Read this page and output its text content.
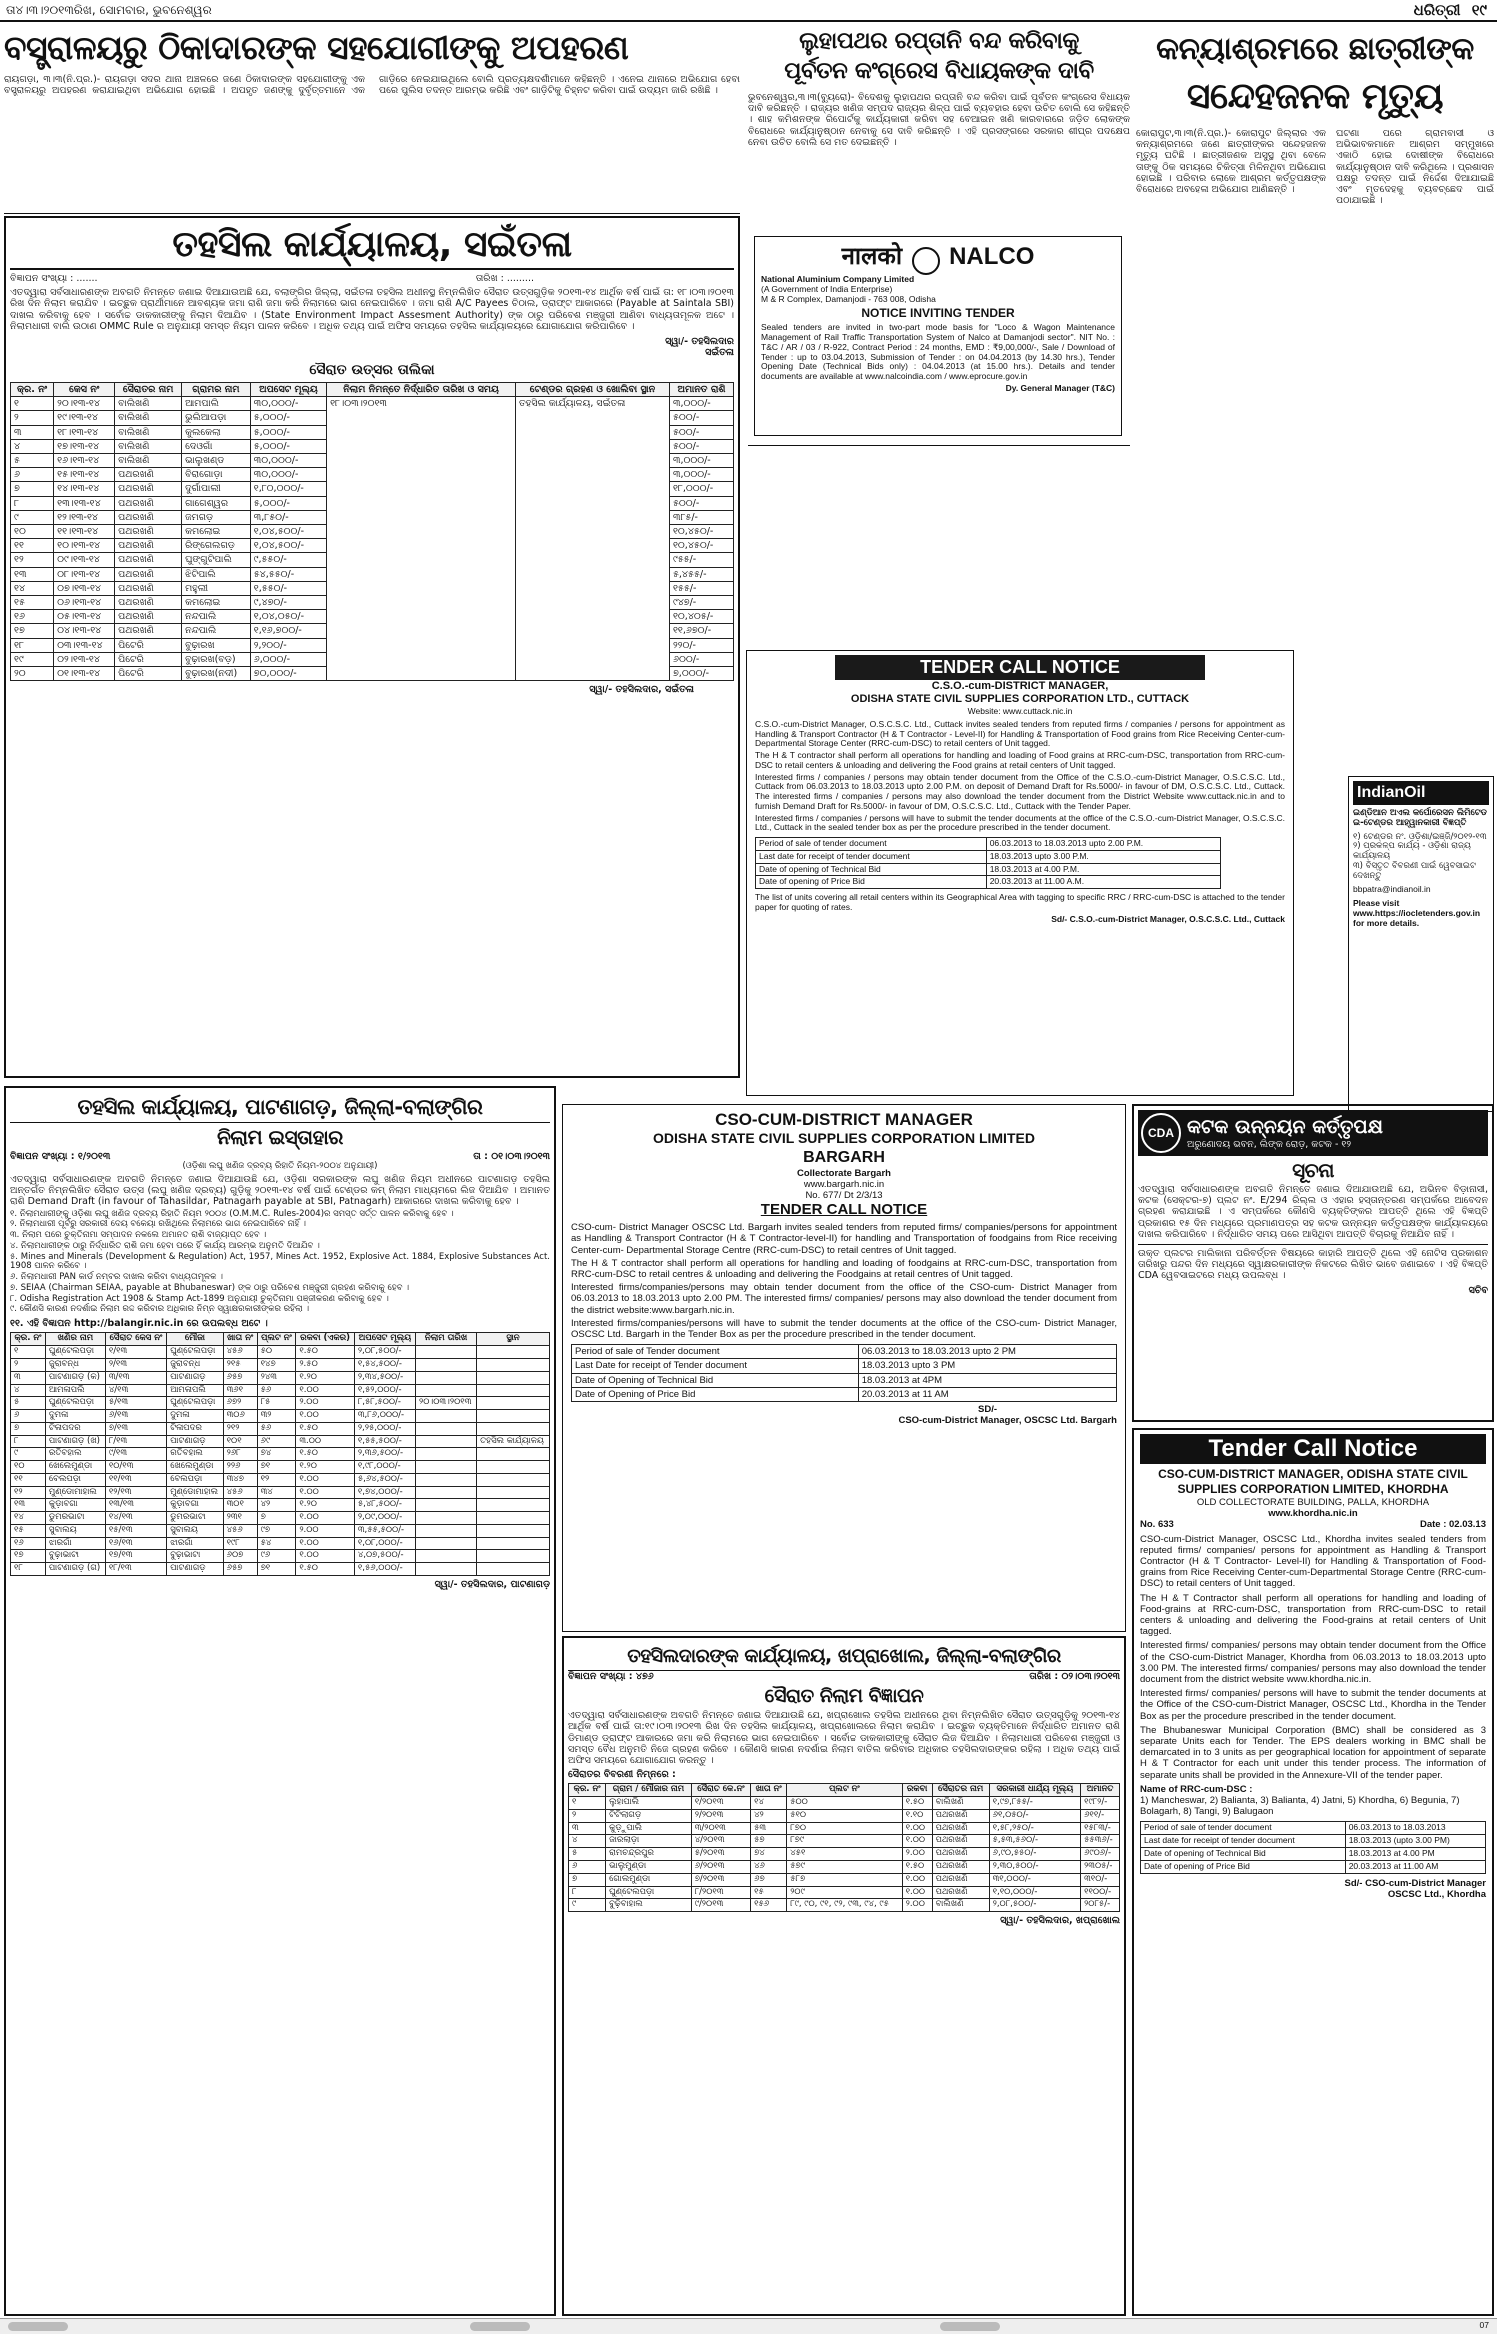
ତା୪।୩।୨୦୧୩ରିଖ, ସୋମବାର, ଭୁବନେଶ୍ୱର	ଧରିତ୍ରୀ ୧୯
ବସ୍ତ୍ରାଳୟରୁ ଠିକାଦାରଙ୍କ ସହଯୋଗୀଙ୍କୁ ଅପହରଣ
ରାୟଗଡ଼ା, ୩।୩(ନି.ପ୍ର.)- ରାୟଗଡ଼ା ସଦର ଥାନା ଅଞ୍ଚଳରେ ଜଣେ ଠିକାଦାରଙ୍କ ସହଯୋଗୀଙ୍କୁ ଏକ ବସ୍ତ୍ରାଳୟରୁ ଅପହରଣ କରାଯାଇଥିବା ଅଭିଯୋଗ ହୋଇଛି । ଅପହୃତ ଜଣଙ୍କୁ ଦୁର୍ବୃତ୍ତମାନେ ଏକ ଗାଡ଼ିରେ ନେଇଯାଇଥିଲେ ବୋଲି ପ୍ରତ୍ୟକ୍ଷଦର୍ଶୀମାନେ କହିଛନ୍ତି । ଏନେଇ ଥାନାରେ ଅଭିଯୋଗ ହେବା ପରେ ପୁଲିସ ତଦନ୍ତ ଆରମ୍ଭ କରିଛି ଏବଂ ଗାଡ଼ିଟିକୁ ଚିହ୍ନଟ କରିବା ପାଇଁ ଉଦ୍ୟମ ଜାରି ରଖିଛି ।
ଲୁହାପଥର ରପ୍ତାନି ବନ୍ଦ କରିବାକୁ
ପୂର୍ବତନ କଂଗ୍ରେସ ବିଧାୟକଙ୍କ ଦାବି
ଭୁବନେଶ୍ୱର,୩।୩(ବ୍ୟୁରୋ)- ବିଦେଶକୁ ଲୁହାପଥର ରପ୍ତାନି ବନ୍ଦ କରିବା ପାଇଁ ପୂର୍ବତନ କଂଗ୍ରେସ ବିଧାୟକ ଦାବି କରିଛନ୍ତି । ରାଜ୍ୟର ଖଣିଜ ସମ୍ପଦ ରାଜ୍ୟର ଶିଳ୍ପ ପାଇଁ ବ୍ୟବହାର ହେବା ଉଚିତ ବୋଲି ସେ କହିଛନ୍ତି । ଶାହ କମିଶନଙ୍କ ରିପୋର୍ଟକୁ କାର୍ଯ୍ୟକାରୀ କରିବା ସହ ବେଆଇନ ଖଣି କାରବାରରେ ଜଡ଼ିତ ଲୋକଙ୍କ ବିରୋଧରେ କାର୍ଯ୍ୟାନୁଷ୍ଠାନ ନେବାକୁ ସେ ଦାବି କରିଛନ୍ତି । ଏହି ପ୍ରସଙ୍ଗରେ ସରକାର ଶୀଘ୍ର ପଦକ୍ଷେପ ନେବା ଉଚିତ ବୋଲି ସେ ମତ ଦେଇଛନ୍ତି ।
नालको NALCO
National Aluminium Company Limited
(A Government of India Enterprise)
M & R Complex, Damanjodi - 763 008, Odisha
NOTICE INVITING TENDER
Sealed tenders are invited in two-part mode basis for "Loco & Wagon Maintenance Management of Rail Traffic Transportation System of Nalco at Damanjodi sector". NIT No. : T&C / AR / 03 / R-922, Contract Period : 24 months, EMD : ₹9,00,000/-, Sale / Download of Tender : up to 03.04.2013, Submission of Tender : on 04.04.2013 (by 14.30 hrs.), Tender Opening Date (Technical Bids only) : 04.04.2013 (at 15.00 hrs.). Details and tender documents are available at www.nalcoindia.com / www.eprocure.gov.in
Dy. General Manager (T&C)
କନ୍ୟାଶ୍ରମରେ ଛାତ୍ରୀଙ୍କ
ସନ୍ଦେହଜନକ ମୃତ୍ୟୁ
କୋରାପୁଟ,୩।୩(ନି.ପ୍ର.)- କୋରାପୁଟ ଜିଲ୍ଲାର ଏକ କନ୍ୟାଶ୍ରମରେ ଜଣେ ଛାତ୍ରୀଙ୍କର ସନ୍ଦେହଜନକ ମୃତ୍ୟୁ ଘଟିଛି । ଛାତ୍ରୀଜଣକ ଅସୁସ୍ଥ ଥିବା ବେଳେ ତାଙ୍କୁ ଠିକ ସମୟରେ ଚିକିତ୍ସା ମିଳିନଥିବା ଅଭିଯୋଗ ହୋଇଛି । ପରିବାର ଲୋକେ ଆଶ୍ରମ କର୍ତ୍ତୃପକ୍ଷଙ୍କ ବିରୋଧରେ ଅବହେଳା ଅଭିଯୋଗ ଆଣିଛନ୍ତି ।
ଘଟଣା ପରେ ଗ୍ରାମବାସୀ ଓ ଅଭିଭାବକମାନେ ଆଶ୍ରମ ସମ୍ମୁଖରେ ଏକାଠି ହୋଇ ଦୋଷୀଙ୍କ ବିରୋଧରେ କାର୍ଯ୍ୟାନୁଷ୍ଠାନ ଦାବି କରିଥିଲେ । ପ୍ରଶାସନ ପକ୍ଷରୁ ତଦନ୍ତ ପାଇଁ ନିର୍ଦ୍ଦେଶ ଦିଆଯାଇଛି ଏବଂ ମୃତଦେହକୁ ବ୍ୟବଚ୍ଛେଦ ପାଇଁ ପଠାଯାଇଛି ।
IndianOil
ଇଣ୍ଡିଆନ ଅଏଲ କର୍ପୋରେସନ ଲିମିଟେଡ
ଇ-ଟେଣ୍ଡର ଆହ୍ୱାନକାରୀ ବିଜ୍ଞପ୍ତି
୧) ଟେଣ୍ଡର ନଂ. ଓଡ଼ିଶା/ଇଞ୍ଜି/୨୦୧୨-୧୩
୨) ପ୍ରକଳ୍ପ କାର୍ଯ୍ୟ - ଓଡ଼ିଶା ରାଜ୍ୟ କାର୍ଯ୍ୟାଳୟ
୩) ବିସ୍ତୃତ ବିବରଣୀ ପାଇଁ ୱେବସାଇଟ ଦେଖନ୍ତୁ
bbpatra@indianoil.in
Please visit www.https://iocletenders.gov.in for more details.
ତହସିଲ କାର୍ଯ୍ୟାଳୟ, ସଇଁତଳା
ବିଜ୍ଞାପନ ସଂଖ୍ୟା : .......	ତାରିଖ : .........
ଏତଦ୍ୱାରା ସର୍ବସାଧାରଣଙ୍କ ଅବଗତି ନିମନ୍ତେ ଜଣାଇ ଦିଆଯାଉଅଛି ଯେ, ବଲାଙ୍ଗିର ଜିଲ୍ଲା, ସଇଁତଳା ତହସିଲ ଅଧୀନସ୍ଥ ନିମ୍ନଲିଖିତ ସୈରାତ ଉତ୍ସଗୁଡ଼ିକ ୨୦୧୩-୧୪ ଆର୍ଥିକ ବର୍ଷ ପାଇଁ ତା: ୧୮।୦୩।୨୦୧୩ ରିଖ ଦିନ ନିଲାମ କରାଯିବ । ଇଚ୍ଛୁକ ପ୍ରାର୍ଥୀମାନେ ଆବଶ୍ୟକ ଜମା ରାଶି ଜମା କରି ନିଲାମରେ ଭାଗ ନେଇପାରିବେ । ଜମା ରାଶି A/C Payees ଚିଠାଲ, ଡ୍ରାଫ୍ଟ ଆକାରରେ (Payable at Saintala SBI) ଦାଖଲ କରିବାକୁ ହେବ । ସର୍ବୋଚ୍ଚ ଡାକକାରୀଙ୍କୁ ନିଲାମ ଦିଆଯିବ । (State Environment Impact Assesment Authority) ଙ୍କ ଠାରୁ ପରିବେଶ ମଞ୍ଜୁରୀ ଆଣିବା ବାଧ୍ୟତାମୂଳକ ଅଟେ । ନିଲାମଧାରୀ ବାଲି ଉଠାଣ OMMC Rule ର ଅନୁଯାୟୀ ସମସ୍ତ ନିୟମ ପାଳନ କରିବେ । ଅଧିକ ତଥ୍ୟ ପାଇଁ ଅଫିସ ସମୟରେ ତହସିଲ କାର୍ଯ୍ୟାଳୟରେ ଯୋଗାଯୋଗ କରିପାରିବେ ।
ସ୍ୱା/- ତହସିଲଦାର
ସଇଁତଳା
ସୈରାତ ଉତ୍ସର ତାଲିକା
କ୍ର. ନଂ	କେସ ନଂ	ସୈରାତର ନାମ	ଗ୍ରାମର ନାମ	ଅପସେଟ ମୂଲ୍ୟ	ନିଲାମ ନିମନ୍ତେ ନିର୍ଦ୍ଧାରିତ ତାରିଖ ଓ ସମୟ	ଟେଣ୍ଡର ଗ୍ରହଣ ଓ ଖୋଲିବା ସ୍ଥାନ	ଅମାନତ ରାଶି
୧	୨୦।୧୩-୧୪	ବାଲିଖଣି	ଆମପାଲି	୩୦,୦୦୦/-	୧୮।୦୩।୨୦୧୩	ତହସିଲ କାର୍ଯ୍ୟାଳୟ, ସଇଁତଳା	୩,୦୦୦/-
୨	୧୯।୧୩-୧୪	ବାଲିଖଣି	ଭୁଲିଆପଡ଼ା	୫,୦୦୦/-			୫୦୦/-
୩	୧୮।୧୩-୧୪	ବାଲିଖଣି	କୁଲକେଲା	୫,୦୦୦/-			୫୦୦/-
୪	୧୭।୧୩-୧୪	ବାଲିଖଣି	ଦେଓଗାଁ	୫,୦୦୦/-			୫୦୦/-
୫	୧୬।୧୩-୧୪	ବାଲିଖଣି	ଭାଲୁଖଣ୍ଡ	୩୦,୦୦୦/-			୩,୦୦୦/-
୬	୧୫।୧୩-୧୪	ପଥରଖଣି	ବିରାଗୋଡ଼ା	୩୦,୦୦୦/-			୩,୦୦୦/-
୭	୧୪।୧୩-୧୪	ପଥରଖଣି	ଦୁର୍ଗାପାଲୀ	୧,୮୦,୦୦୦/-			୧୮,୦୦୦/-
୮	୧୩।୧୩-୧୪	ପଥରଖଣି	ଗାଗେଶ୍ୱର	୫,୦୦୦/-			୫୦୦/-
୯	୧୨।୧୩-୧୪	ପଥରଖଣି	ଜମଗଡ଼	୩,୮୫୦/-			୩୮୫/-
୧୦	୧୧।୧୩-୧୪	ପଥରଖଣି	କମଲୋଇ	୧,୦୪,୫୦୦/-			୧୦,୪୫୦/-
୧୧	୧୦।୧୩-୧୪	ପଥରଖଣି	ରିଙ୍ଗେଲଗଡ଼	୧,୦୪,୫୦୦/-			୧୦,୪୫୦/-
୧୨	୦୯।୧୩-୧୪	ପଥରଖଣି	ଘୁଙ୍ଗୁଟିପାଲି	୯,୫୫୦/-			୯୫୫/-
୧୩	୦୮।୧୩-୧୪	ପଥରଖଣି	ଝିଟିପାଲି	୫୪,୫୫୦/-			୫,୪୫୫/-
୧୪	୦୭।୧୩-୧୪	ପଥରଖଣି	ମହୁଲୀ	୧,୫୫୦/-			୧୫୫/-
୧୫	୦୬।୧୩-୧୪	ପଥରଖଣି	କମଲୋଇ	୯,୪୭୦/-			୯୪୭/-
୧୬	୦୫।୧୩-୧୪	ପଥରଖଣି	ନନ୍ଦପାଲି	୧,୦୪,୦୫୦/-			୧୦,୪୦୫/-
୧୭	୦୪।୧୩-୧୪	ପଥରଖଣି	ନନ୍ଦପାଲି	୧,୧୬,୭୦୦/-			୧୧,୬୭୦/-
୧୮	୦୩।୧୩-୧୪	ପିଟେରି	ବୁଢ଼ାରଖ	୨,୨୦୦/-			୨୨୦/-
୧୯	୦୨।୧୩-୧୪	ପିଟେରି	ବୁଢ଼ାରଖ(ବଡ଼)	୬,୦୦୦/-			୬୦୦/-
୨୦	୦୧।୧୩-୧୪	ପିଟେରି	ବୁଢ଼ାରଖ(ନଦୀ)	୭୦,୦୦୦/-			୭,୦୦୦/-
ସ୍ୱା/- ତହସିଲଦାର, ସଇଁତଳା
TENDER CALL NOTICE
C.S.O.-cum-DISTRICT MANAGER,
ODISHA STATE CIVIL SUPPLIES CORPORATION LTD., CUTTACK
Website: www.cuttack.nic.in
C.S.O.-cum-District Manager, O.S.C.S.C. Ltd., Cuttack invites sealed tenders from reputed firms / companies / persons for appointment as Handling & Transport Contractor (H & T Contractor - Level-II) for Handling & Transportation of Food grains from Rice Receiving Center-cum-Departmental Storage Center (RRC-cum-DSC) to retail centers of Unit tagged.
The H & T contractor shall perform all operations for handling and loading of Food grains at RRC-cum-DSC, transportation from RRC-cum-DSC to retail centers & unloading and delivering the Food grains at retail centers of Unit tagged.
Interested firms / companies / persons may obtain tender document from the Office of the C.S.O.-cum-District Manager, O.S.C.S.C. Ltd., Cuttack from 06.03.2013 to 18.03.2013 upto 2.00 P.M. on deposit of Demand Draft for Rs.5000/- in favour of DM, O.S.C.S.C. Ltd., Cuttack. The interested firms / companies / persons may also download the tender document from the District Website www.cuttack.nic.in and to furnish Demand Draft for Rs.5000/- in favour of DM, O.S.C.S.C. Ltd., Cuttack with the Tender Paper.
Interested firms / companies / persons will have to submit the tender documents at the office of the C.S.O.-cum-District Manager, O.S.C.S.C. Ltd., Cuttack in the sealed tender box as per the procedure prescribed in the tender document.
Period of sale of tender document	06.03.2013 to 18.03.2013 upto 2.00 P.M.
Last date for receipt of tender document	18.03.2013 upto 3.00 P.M.
Date of opening of Technical Bid	18.03.2013 at 4.00 P.M.
Date of opening of Price Bid	20.03.2013 at 11.00 A.M.
The list of units covering all retail centers within its Geographical Area with tagging to specific RRC / RRC-cum-DSC is attached to the tender paper for quoting of rates.
Sd/- C.S.O.-cum-District Manager, O.S.C.S.C. Ltd., Cuttack
ତହସିଲ କାର୍ଯ୍ୟାଳୟ, ପାଟଣାଗଡ଼, ଜିଲ୍ଲା-ବଲାଙ୍ଗିର
ନିଲାମ ଇସ୍ତାହାର
ବିଜ୍ଞାପନ ସଂଖ୍ୟା : ୧/୨୦୧୩	ତା : ୦୧।୦୩।୨୦୧୩
(ଓଡ଼ିଶା ଲଘୁ ଖଣିଜ ଦ୍ରବ୍ୟ ରିହାତି ନିୟମ-୨୦୦୪ ଅନୁଯାୟୀ)
ଏତଦ୍ୱାରା ସର୍ବସାଧାରଣଙ୍କ ଅବଗତି ନିମନ୍ତେ ଜଣାଇ ଦିଆଯାଉଛି ଯେ, ଓଡ଼ିଶା ସରକାରଙ୍କ ଲଘୁ ଖଣିଜ ନିୟମ ଅଧୀନରେ ପାଟଣାଗଡ଼ ତହସିଲ ଅନ୍ତର୍ଗତ ନିମ୍ନଲିଖିତ ସୈରାତ ଉତ୍ସ (ଲଘୁ ଖଣିଜ ଦ୍ରବ୍ୟ) ଗୁଡ଼ିକୁ ୨୦୧୩-୧୪ ବର୍ଷ ପାଇଁ ଟେଣ୍ଡର କମ୍ ନିଲାମ ମାଧ୍ୟମରେ ଲିଜ ଦିଆଯିବ । ଅମାନତ ରାଶି Demand Draft (in favour of Tahasildar, Patnagarh payable at SBI, Patnagarh) ଆକାରରେ ଦାଖଲ କରିବାକୁ ହେବ ।
୧. ନିଲାମଧାରୀଙ୍କୁ ଓଡ଼ିଶା ଲଘୁ ଖଣିଜ ଦ୍ରବ୍ୟ ରିହାତି ନିୟମ ୨୦୦୪ (O.M.M.C. Rules-2004)ର ସମସ୍ତ ସର୍ତ୍ତ ପାଳନ କରିବାକୁ ହେବ ।
୨. ନିଲାମଧାରୀ ପୂର୍ବରୁ ସରକାରୀ ଦେୟ ବକେୟା ରଖିଥିଲେ ନିଲାମରେ ଭାଗ ନେଇପାରିବେ ନାହିଁ ।
୩. ନିଲାମ ପରେ ଚୁକ୍ତିନାମା ସମ୍ପାଦନ ନକଲେ ଅମାନତ ରାଶି ବାଜ୍ୟାପ୍ତ ହେବ ।
୪. ନିଲାମଧାରୀଙ୍କ ଠାରୁ ନିର୍ଦ୍ଧାରିତ ରାଶି ଜମା ହେବା ପରେ ହିଁ କାର୍ଯ୍ୟ ଆରମ୍ଭ ଅନୁମତି ଦିଆଯିବ ।
୫. Mines and Minerals (Development & Regulation) Act, 1957, Mines Act. 1952, Explosive Act. 1884, Explosive Substances Act. 1908 ପାଳନ କରିବେ ।
୬. ନିଲାମଧାରୀ PAN କାର୍ଡ ନମ୍ବର ଦାଖଲ କରିବା ବାଧ୍ୟତାମୂଳକ ।
୭. SEIAA (Chairman SEIAA, payable at Bhubaneswar) ଙ୍କ ଠାରୁ ପରିବେଶ ମଞ୍ଜୁରୀ ଗ୍ରହଣ କରିବାକୁ ହେବ ।
୮. Odisha Registration Act 1908 & Stamp Act-1899 ଅନୁଯାୟୀ ଚୁକ୍ତିନାମା ପଞ୍ଜୀକରଣ କରିବାକୁ ହେବ ।
୯. କୌଣସି କାରଣ ନଦର୍ଶାଇ ନିଲାମ ରଦ୍ଦ କରିବାର ଅଧିକାର ନିମ୍ନ ସ୍ୱାକ୍ଷରକାରୀଙ୍କର ରହିଲା ।
୧୧. ଏହି ବିଜ୍ଞାପନ http://balangir.nic.in ରେ ଉପଲବ୍ଧ ଅଟେ ।
କ୍ର. ନଂ	ଖଣିର ନାମ	ସୈରାତ କେସ ନଂ	ମୌଜା	ଖାତା ନଂ	ପ୍ଲଟ ନଂ	ରକବା (ଏକର)	ଅପସେଟ ମୂଲ୍ୟ	ନିଲାମ ତାରିଖ	ସ୍ଥାନ
୧	ଘୁଣ୍ଟେଲପଡ଼ା	୧/୧୩	ଘୁଣ୍ଟେଲପଡ଼ା	୪୫୬	୫୦	୧.୫୦	୨,୦୮,୫୦୦/-		
୨	ଜୁରାବନ୍ଧ	୨/୧୩	ଜୁରାବନ୍ଧ	୨୧୫	୧୪୭	୨.୫୦	୧,୫୪,୫୦୦/-		
୩	ପାଟଣାଗଡ଼ (କ)	୩/୧୩	ପାଟଣାଗଡ଼	୬୫୭	୨୪୩	୧.୨୦	୨,୩୪,୫୦୦/-		
୪	ଆମଳାପଲି	୪/୧୩	ଆମଳାପଲି	୩୬୧	୫୬	୧.୦୦	୧,୫୨,୦୦୦/-		
୫	ଘୁଣ୍ଟେଲପଡ଼ା	୫/୧୩	ଘୁଣ୍ଟେଲପଡ଼ା	୬୭୨	୮୫	୨.୦୦	୮,୫୮,୫୦୦/-	୨୦।୦୩।୨୦୧୩	
୬	ଦୁମଳା	୬/୧୩	ଦୁମଳା	୩୦୬	୩୨	୧.୦୦	୩,୮୬,୦୦୦/-		
୭	ଟିଳାପଦର	୭/୧୩	ଟିଳାପଦର	୨୧୨	୫୬	୧.୫୦	୨,୨୫,୦୦୦/-		
୮	ପାଟଣାଗଡ଼ (ଖ)	୮/୧୩	ପାଟଣାଗଡ଼	୧୦୧	୬୯	୩.୦୦	୧,୫୫,୫୦୦/-		ତହସିଲ କାର୍ଯ୍ୟାଳୟ
୯	ରତିବହାଲ	୯/୧୩	ରତିବହାଲ	୨୬୮	୭୪	୧.୫୦	୨,୩୬,୫୦୦/-		
୧୦	ଖେଲେମୁଣ୍ଡା	୧୦/୧୩	ଖେଲେମୁଣ୍ଡା	୨୨୬	୭୧	୧.୨୦	୧,୯୮,୦୦୦/-		
୧୧	ବେଲପଡ଼ା	୧୧/୧୩	ବେଲପଡ଼ା	୩୪୭	୧୨	୧.୦୦	୫,୬୪,୫୦୦/-		
୧୨	ମୁଣ୍ଡୋମାହାଲ	୧୨/୧୩	ମୁଣ୍ଡୋମାହାଲ	୪୫୬	୩୪	୧.୦୦	୧,୭୪,୦୦୦/-		
୧୩	କୁଡ଼ାବଗା	୧୩/୧୩	କୁଡ଼ାବଗା	୩୦୧	୪୨	୧.୨୦	୫,୪୮,୫୦୦/-		
୧୪	ଡୁମରଭାଟା	୧୪/୧୩	ଡୁମରଭାଟା	୨୩୧	୭	୧.୦୦	୨,୦୯,୦୦୦/-		
୧୫	ସୁବାଲୟ	୧୫/୧୩	ସୁବାଲୟ	୪୫୬	୯୭	୨.୦୦	୩,୫୫,୫୦୦/-		
୧୬	ଝାରଗାଁ	୧୬/୧୩	ଝାରଗାଁ	୧୯୮	୫୪	୧.୦୦	୧,୦୮,୦୦୦/-		
୧୭	ବୁଢ଼ାଭାଟା	୧୭/୧୩	ବୁଢ଼ାଭାଟା	୬୦୭	୯୬	୧.୦୦	୪,୦୭,୫୦୦/-		
୧୮	ପାଟଣାଗଡ଼ (ଗ)	୧୮/୧୩	ପାଟଣାଗଡ଼	୬୫୭	୭୧	୧.୫୦	୧,୫୬,୦୦୦/-		
ସ୍ୱା/- ତହସିଲଦାର, ପାଟଣାଗଡ଼
CSO-CUM-DISTRICT MANAGER
ODISHA STATE CIVIL SUPPLIES CORPORATION LIMITED
BARGARH
Collectorate Bargarh
www.bargarh.nic.in
No. 677/ Dt 2/3/13
TENDER CALL NOTICE
CSO-cum- District Manager OSCSC Ltd. Bargarh invites sealed tenders from reputed firms/ companies/persons for appointment as Handling & Transport Contractor (H & T Contractor-level-II) for handling and Transportation of foodgains from Rice receiving Center-cum- Departmental Storage Centre (RRC-cum-DSC) to retail centres of Unit tagged.
The H & T contractor shall perform all operations for handling and loading of foodgains at RRC-cum-DSC, transportation from RRC-cum-DSC to retail centres & unloading and delivering the Foodgains at retail centres of Unit tagged.
Interested firms/companies/persons may obtain tender document from the office of the CSO-cum- District Manager from 06.03.2013 to 18.03.2013 upto 2.00 PM. The interested firms/ companies/ persons may also download the tender document from the district website:www.bargarh.nic.in.
Interested firms/companies/persons will have to submit the tender documents at the office of the CSO-cum- District Manager, OSCSC Ltd. Bargarh in the Tender Box as per the procedure prescribed in the tender document.
Period of sale of Tender document	06.03.2013 to 18.03.2013 upto 2 PM
Last Date for receipt of Tender document	18.03.2013 upto 3 PM
Date of Opening of Technical Bid	18.03.2013 at 4PM
Date of Opening of Price Bid	20.03.2013 at 11 AM
SD/-
CSO-cum-District Manager, OSCSC Ltd. Bargarh
ତହସିଲଦାରଙ୍କ କାର୍ଯ୍ୟାଳୟ, ଖପ୍ରାଖୋଲ, ଜିଲ୍ଲା-ବଲାଙ୍ଗିର
ବିଜ୍ଞାପନ ସଂଖ୍ୟା : ୪୭୬	ତାରିଖ : ୦୨।୦୩।୨୦୧୩
ସୈରାତ ନିଲାମ ବିଜ୍ଞାପନ
ଏତଦ୍ୱାରା ସର୍ବସାଧାରଣଙ୍କ ଅବଗତି ନିମନ୍ତେ ଜଣାଇ ଦିଆଯାଉଛି ଯେ, ଖପ୍ରାଖୋଲ ତହସିଲ ଅଧୀନରେ ଥିବା ନିମ୍ନଲିଖିତ ସୈରାତ ଉତ୍ସଗୁଡ଼ିକୁ ୨୦୧୩-୧୪ ଆର୍ଥିକ ବର୍ଷ ପାଇଁ ତା:୧୯।୦୩।୨୦୧୩ ରିଖ ଦିନ ତହସିଲ କାର୍ଯ୍ୟାଳୟ, ଖପ୍ରାଖୋଲରେ ନିଲାମ କରାଯିବ । ଇଚ୍ଛୁକ ବ୍ୟକ୍ତିମାନେ ନିର୍ଦ୍ଧାରିତ ଅମାନତ ରାଶି ଡିମାଣ୍ଡ ଡ୍ରାଫ୍ଟ ଆକାରରେ ଜମା କରି ନିଲାମରେ ଭାଗ ନେଇପାରିବେ । ସର୍ବୋଚ୍ଚ ଡାକକାରୀଙ୍କୁ ସୈରାତ ଲିଜ ଦିଆଯିବ । ନିଲାମଧାରୀ ପରିବେଶ ମଞ୍ଜୁରୀ ଓ ସମସ୍ତ ବୈଧ ଅନୁମତି ନିଜେ ଗ୍ରହଣ କରିବେ । କୌଣସି କାରଣ ନଦର୍ଶାଇ ନିଲାମ ବାତିଲ କରିବାର ଅଧିକାର ତହସିଲଦାରଙ୍କର ରହିଲା । ଅଧିକ ତଥ୍ୟ ପାଇଁ ଅଫିସ ସମୟରେ ଯୋଗାଯୋଗ କରନ୍ତୁ ।
ସୈରାତର ବିବରଣୀ ନିମ୍ନରେ :
କ୍ର. ନଂ	ଗ୍ରାମ / ମୌଜାର ନାମ	ସୈରାତ କେ.ନଂ	ଖାତା ନଂ	ପ୍ଲଟ ନଂ	ରକବା	ସୈରାତର ନାମ	ସରକାରୀ ଧାର୍ଯ୍ୟ ମୂଲ୍ୟ	ଅମାନତ
୧	ଲୁହାପାଲି	୧/୨୦୧୩	୧୪	୫୦୦	୧.୫୦	ବାଲିଖଣି	୧,୯୭,୮୫୫/-	୧୯୮୨/-
୨	ଟିଟିଲାଗଡ଼	୨/୨୦୧୩	୪୨	୫୧୦	୧.୧୦	ପଥରଖଣି	୬୧,୦୫୦/-	୬୧୧/-
୩	କୁଡ଼ୁପାଲି	୩/୨୦୧୩	୫୩	୮୭୦	୧.୦୦	ପଥରଖଣି	୧,୫୮,୨୫୦/-	୧୫୮୩/-
୪	ଜାରଲାଡ଼ା	୪/୨୦୧୩	୫୭	୮୭୯	୧.୦୦	ପଥରଖଣି	୫,୫୩,୫୬୦/-	୫୫୩୬/-
୫	ରାମଚନ୍ଦ୍ରପୁର	୫/୨୦୧୩	୭୪	୪୫୧	୨.୦୦	ପଥରଖଣି	୬,୯୦,୫୫୦/-	୬୯୦୬/-
୬	ଭାଲୁମୁଣ୍ଡା	୬/୨୦୧୩	୪୬	୫୭୯	୧.୫୦	ପଥରଖଣି	୨,୩୦,୫୦୦/-	୨୩୦୫/-
୭	ଗୋଲମୁଣ୍ଡା	୭/୨୦୧୩	୬୭	୫୮୭	୧.୦୦	ପଥରଖଣି	୩୧,୦୦୦/-	୩୧୦/-
୮	ଘୁଣ୍ଟେଲପଡ଼ା	୮/୨୦୧୩	୧୫	୨୦୯	୧.୦୦	ପଥରଖଣି	୧,୧୦,୦୦୦/-	୧୧୦୦/-
୯	ବୁଢ଼ିବାହାଲ	୯/୨୦୧୩	୧୫୬	୮୯, ୯୦, ୯୧, ୯୨, ୯୩, ୯୪, ୯୫	୨.୦୦	ବାଲିଖଣି	୨,୦୮,୫୦୦/-	୨୦୮୫/-
ସ୍ୱା/- ତହସିଲଦାର, ଖପ୍ରାଖୋଲ
CDA କଟକ ଉନ୍ନୟନ କର୍ତ୍ତୃପକ୍ଷ
ଅରୁଣୋଦୟ ଭବନ, ଲିଙ୍କ ରୋଡ଼, କଟକ - ୧୨
ସୂଚନା
ଏତଦ୍ୱାରା ସର୍ବସାଧାରଣଙ୍କ ଅବଗତି ନିମନ୍ତେ ଜଣାଇ ଦିଆଯାଉଅଛି ଯେ, ଅଭିନବ ବିଡ଼ାନାସୀ, କଟକ (ସେକ୍ଟର-୭) ପ୍ଲଟ ନଂ. E/294 ରିଲ୍ଲ ଓ ଏହାର ହସ୍ତାନ୍ତରଣ ସମ୍ପର୍କରେ ଆବେଦନ ଗ୍ରହଣ କରାଯାଇଛି । ଏ ସମ୍ପର୍କରେ କୌଣସି ବ୍ୟକ୍ତିଙ୍କର ଆପତ୍ତି ଥିଲେ ଏହି ବିଜ୍ଞପ୍ତି ପ୍ରକାଶର ୧୫ ଦିନ ମଧ୍ୟରେ ପ୍ରମାଣପତ୍ର ସହ କଟକ ଉନ୍ନୟନ କର୍ତ୍ତୃପକ୍ଷଙ୍କ କାର୍ଯ୍ୟାଳୟରେ ଦାଖଲ କରିପାରିବେ । ନିର୍ଦ୍ଧାରିତ ସମୟ ପରେ ଆସିଥିବା ଆପତ୍ତି ବିଚାରକୁ ନିଆଯିବ ନାହିଁ ।
ଉକ୍ତ ପ୍ଲଟର ମାଲିକାନା ପରିବର୍ତ୍ତନ ବିଷୟରେ କାହାରି ଆପତ୍ତି ଥିଲେ ଏହି ନୋଟିସ ପ୍ରକାଶନ ତାରିଖରୁ ପନ୍ଦର ଦିନ ମଧ୍ୟରେ ସ୍ୱାକ୍ଷରକାରୀଙ୍କ ନିକଟରେ ଲିଖିତ ଭାବେ ଜଣାଇବେ । ଏହି ବିଜ୍ଞପ୍ତି CDA ୱେବସାଇଟରେ ମଧ୍ୟ ଉପଲବ୍ଧ ।
ସଚିବ
Tender Call Notice
CSO-CUM-DISTRICT MANAGER, ODISHA STATE CIVIL SUPPLIES CORPORATION LIMITED, KHORDHA
OLD COLLECTORATE BUILDING, PALLA, KHORDHA
www.khordha.nic.in
No. 633	Date : 02.03.13
CSO-cum-District Manager, OSCSC Ltd., Khordha invites sealed tenders from reputed firms/ companies/ persons for appointment as Handling & Transport Contractor (H & T Contractor- Level-II) for Handling & Transportation of Food-grains from Rice Receiving Center-cum-Departmental Storage Centre (RRC-cum-DSC) to retail centers of Unit tagged.
The H & T Contractor shall perform all operations for handling and loading of Food-grains at RRC-cum-DSC, transportation from RRC-cum-DSC to retail centers & unloading and delivering the Food-grains at retail centers of Unit tagged.
Interested firms/ companies/ persons may obtain tender document from the Office of the CSO-cum-District Manager, Khordha from 06.03.2013 to 18.03.2013 upto 3.00 PM. The interested firms/ companies/ persons may also download the tender document from the district website www.khordha.nic.in.
Interested firms/ companies/ persons will have to submit the tender documents at the Office of the CSO-cum-District Manager, OSCSC Ltd., Khordha in the Tender Box as per the procedure prescribed in the tender document.
The Bhubaneswar Municipal Corporation (BMC) shall be considered as 3 separate Units each for Tender. The EPS dealers working in BMC shall be demarcated in to 3 units as per geographical location for appointment of separate H & T Contractor for each unit under this tender process. The information of separate units shall be provided in the Annexure-VII of the tender paper.
Name of RRC-cum-DSC :
1) Mancheswar, 2) Balianta, 3) Balianta, 4) Jatni, 5) Khordha, 6) Begunia, 7) Bolagarh, 8) Tangi, 9) Balugaon
Period of sale of tender document	06.03.2013 to 18.03.2013
Last date for receipt of tender document	18.03.2013 (upto 3.00 PM)
Date of opening of Technical Bid	18.03.2013 at 4.00 PM
Date of opening of Price Bid	20.03.2013 at 11.00 AM
Sd/- CSO-cum-District Manager
OSCSC Ltd., Khordha
07
